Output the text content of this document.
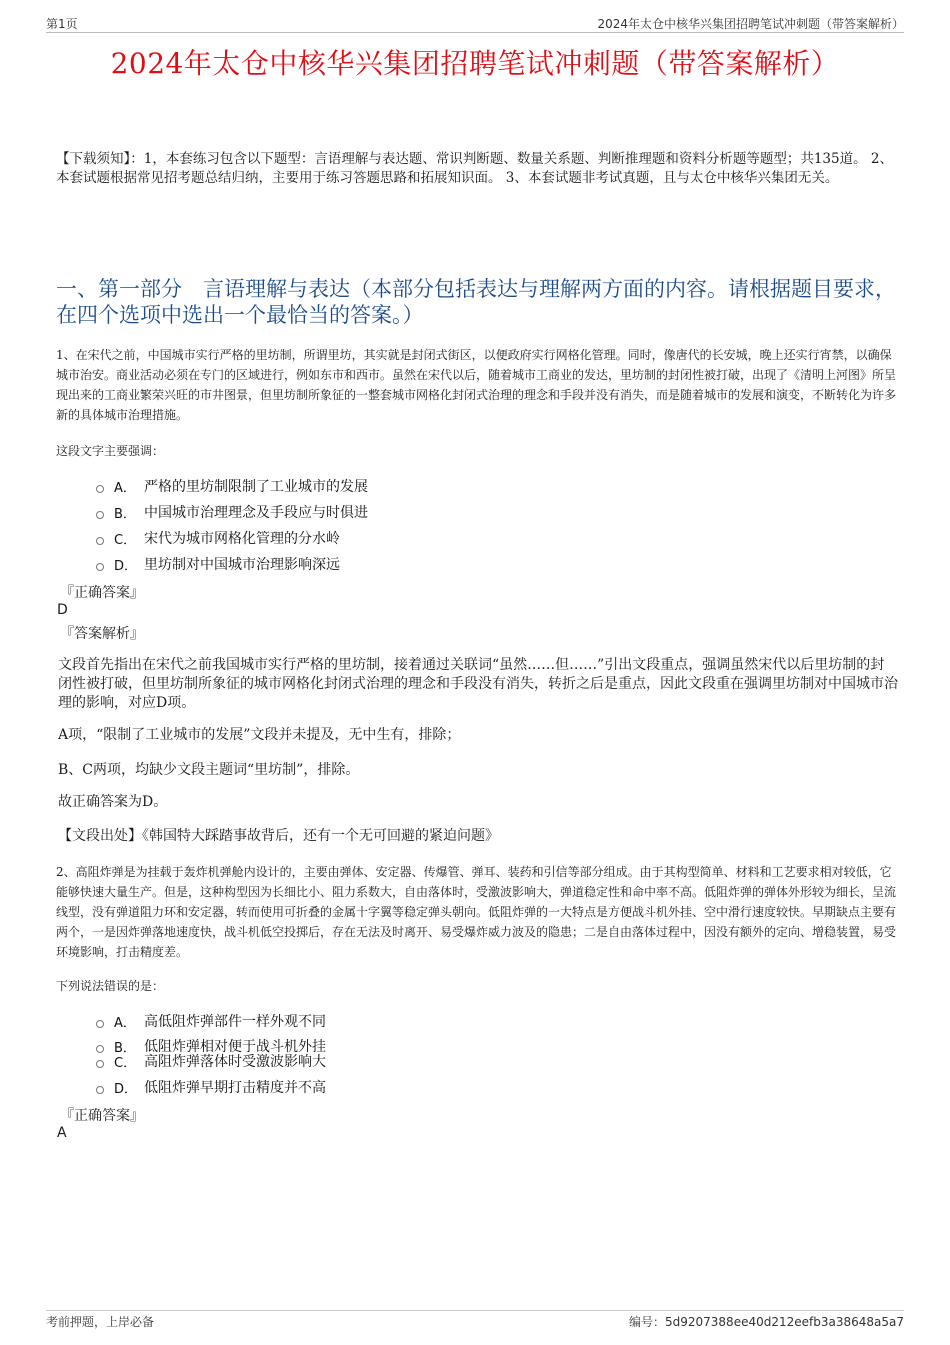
第1页	2024年太仓中核华兴集团招聘笔试冲刺题（带答案解析）
2024年太仓中核华兴集团招聘笔试冲刺题（带答案解析）
【下载须知】：1，本套练习包含以下题型：言语理解与表达题、常识判断题、数量关系题、判断推理题和资料分析题等题型；共135道。 2、本套试题根据常见招考题总结归纳，主要用于练习答题思路和拓展知识面。 3、本套试题非考试真题，且与太仓中核华兴集团无关。
一、第一部分　言语理解与表达（本部分包括表达与理解两方面的内容。请根据题目要求，在四个选项中选出一个最恰当的答案。）
1、在宋代之前，中国城市实行严格的里坊制，所谓里坊，其实就是封闭式街区，以便政府实行网格化管理。同时，像唐代的长安城，晚上还实行宵禁，以确保城市治安。商业活动必须在专门的区域进行，例如东市和西市。虽然在宋代以后，随着城市工商业的发达，里坊制的封闭性被打破，出现了《清明上河图》所呈现出来的工商业繁荣兴旺的市井图景，但里坊制所象征的一整套城市网格化封闭式治理的理念和手段并没有消失，而是随着城市的发展和演变，不断转化为许多新的具体城市治理措施。
这段文字主要强调：
A． 严格的里坊制限制了工业城市的发展
B． 中国城市治理理念及手段应与时俱进
C． 宋代为城市网格化管理的分水岭
D． 里坊制对中国城市治理影响深远
『正确答案』
D
『答案解析』
文段首先指出在宋代之前我国城市实行严格的里坊制，接着通过关联词“虽然……但……”引出文段重点，强调虽然宋代以后里坊制的封闭性被打破，但里坊制所象征的城市网格化封闭式治理的理念和手段没有消失，转折之后是重点，因此文段重在强调里坊制对中国城市治理的影响，对应D项。
A项，“限制了工业城市的发展”文段并未提及，无中生有，排除；
B、C两项，均缺少文段主题词“里坊制”，排除。
故正确答案为D。
【文段出处】《韩国特大踩踏事故背后，还有一个无可回避的紧迫问题》
2、高阻炸弹是为挂载于轰炸机弹舱内设计的，主要由弹体、安定器、传爆管、弹耳、装药和引信等部分组成。由于其构型简单、材料和工艺要求相对较低，它能够快速大量生产。但是，这种构型因为长细比小、阻力系数大，自由落体时，受激波影响大，弹道稳定性和命中率不高。低阻炸弹的弹体外形较为细长，呈流线型，没有弹道阻力环和安定器，转而使用可折叠的金属十字翼等稳定弹头朝向。低阻炸弹的一大特点是方便战斗机外挂、空中滑行速度较快。早期缺点主要有两个，一是因炸弹落地速度快，战斗机低空投掷后，存在无法及时离开、易受爆炸威力波及的隐患；二是自由落体过程中，因没有额外的定向、增稳装置，易受环境影响，打击精度差。
下列说法错误的是：
A． 高低阻炸弹部件一样外观不同
B． 低阻炸弹相对便于战斗机外挂
C． 高阻炸弹落体时受激波影响大
D． 低阻炸弹早期打击精度并不高
『正确答案』
A
考前押题，上岸必备	编号：5d9207388ee40d212eefb3a38648a5a7
